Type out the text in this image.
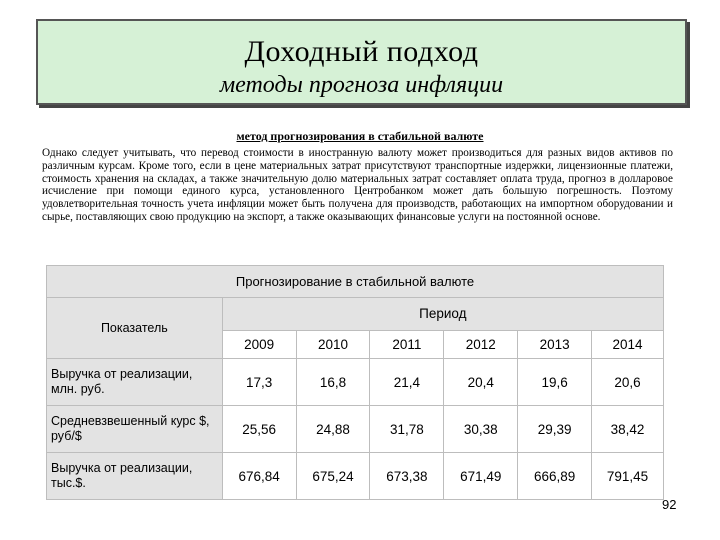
Доходный подход
методы прогноза инфляции
метод прогнозирования в стабильной валюте
Однако следует учитывать, что перевод стоимости в иностранную валюту может производиться для разных видов активов по различным курсам. Кроме того, если в цене материальных затрат присутствуют транспортные издержки, лицензионные платежи, стоимость хранения на складах, а также значительную долю материальных затрат составляет оплата труда, прогноз в долларовое исчисление при помощи единого курса, установленного Центробанком может дать большую погрешность. Поэтому удовлетворительная точность учета инфляции может быть получена для производств, работающих на импортном оборудовании и сырье, поставляющих свою продукцию на экспорт, а также оказывающих финансовые услуги на постоянной основе.
Прогнозирование в стабильной валюте						
Показатель	Период					
	2009	2010	2011	2012	2013	2014
Выручка от реализации, млн. руб.	17,3	16,8	21,4	20,4	19,6	20,6
Средневзвешенный курс $, руб/$	25,56	24,88	31,78	30,38	29,39	38,42
Выручка от реализации, тыс.$.	676,84	675,24	673,38	671,49	666,89	791,45
92
